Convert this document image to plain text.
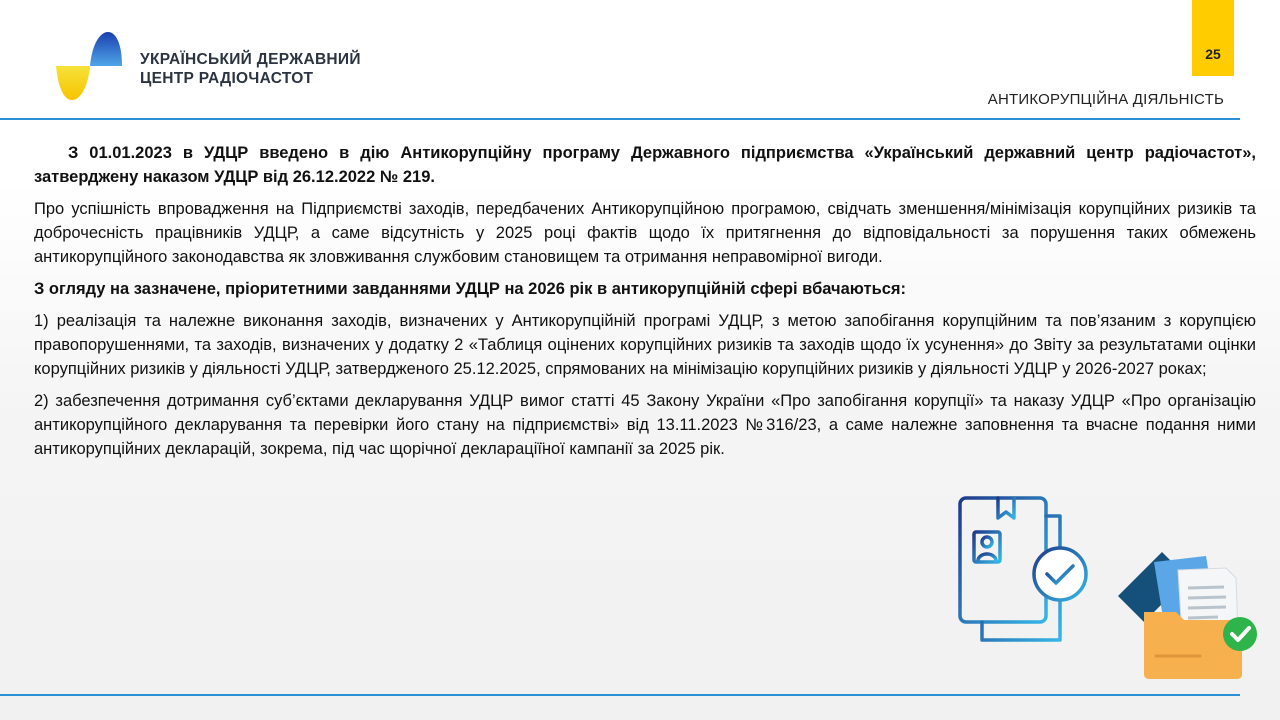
УКРАЇНСЬКИЙ ДЕРЖАВНИЙ
ЦЕНТР РАДІОЧАСТОТ
25
АНТИКОРУПЦІЙНА ДІЯЛЬНІСТЬ

З 01.01.2023 в УДЦР введено в дію Антикорупційну програму Державного підприємства «Український державний центр радіочастот», затверджену наказом УДЦР від 26.12.2022 № 219.

Про успішність впровадження на Підприємстві заходів, передбачених Антикорупційною програмою, свідчать зменшення/мінімізація корупційних ризиків та доброчесність працівників УДЦР, а саме відсутність у 2025 році фактів щодо їх притягнення до відповідальності за порушення таких обмежень антикорупційного законодавства як зловживання службовим становищем та отримання неправомірної вигоди.

З огляду на зазначене, пріоритетними завданнями УДЦР на 2026 рік в антикорупційній сфері вбачаються:

1) реалізація та належне виконання заходів, визначених у Антикорупційній програмі УДЦР, з метою запобігання корупційним та пов’язаним з корупцією правопорушеннями, та заходів, визначених у додатку 2 «Таблиця оцінених корупційних ризиків та заходів щодо їх усунення» до Звіту за результатами оцінки корупційних ризиків у діяльності УДЦР, затвердженого 25.12.2025, спрямованих на мінімізацію корупційних ризиків у діяльності УДЦР у 2026-2027 роках;

2) забезпечення дотримання суб’єктами декларування УДЦР вимог статті 45 Закону України «Про запобігання корупції» та наказу УДЦР «Про організацію антикорупційного декларування та перевірки його стану на підприємстві» від 13.11.2023 №316/23, а саме належне заповнення та вчасне подання ними антикорупційних декларацій, зокрема, під час щорічної декларації̈ної кампанії за 2025 рік.
